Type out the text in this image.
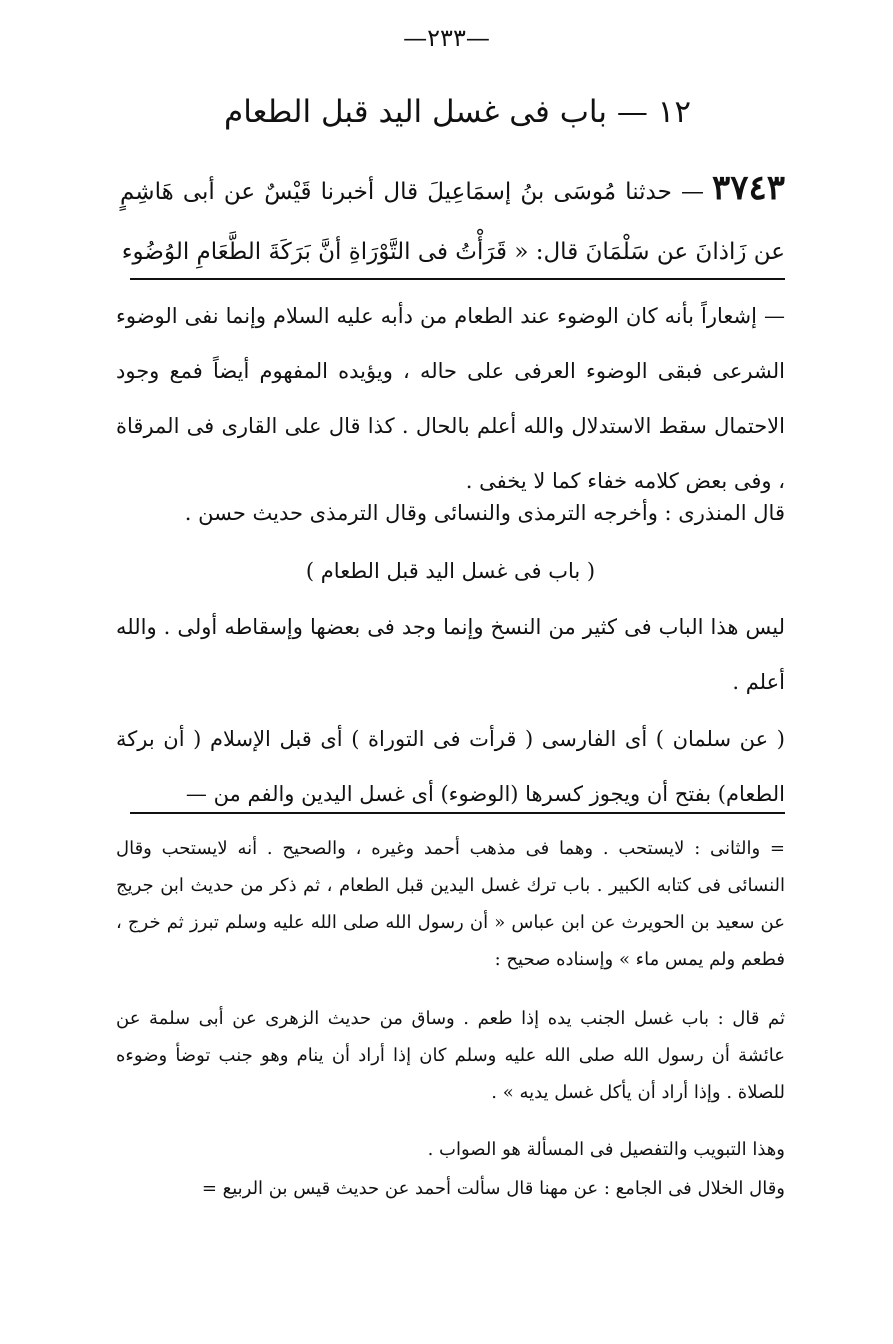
—٢٣٣—
١٢ — باب فى غسل اليد قبل الطعام
٣٧٤٣— حدثنا مُوسَى بنُ إسمَاعِيلَ قال أخبرنا قَيْسٌ عن أبى هَاشِمٍ عن زَاذانَ عن سَلْمَانَ قال: « قَرَأْتُ فى التَّوْرَاةِ أنَّ بَرَكَةَ الطَّعَامِ الوُضُوء

— إشعاراً بأنه كان الوضوء عند الطعام من دأبه عليه السلام وإنما نفى الوضوء الشرعى فبقى الوضوء العرفى على حاله ، ويؤيده المفهوم أيضاً فمع وجود الاحتمال سقط الاستدلال والله أعلم بالحال . كذا قال على القارى فى المرقاة ، وفى بعض كلامه خفاء كما لا يخفى .

قال المنذرى : وأخرجه الترمذى والنسائى وقال الترمذى حديث حسن .

( باب فى غسل اليد قبل الطعام )

ليس هذا الباب فى كثير من النسخ وإنما وجد فى بعضها وإسقاطه أولى . والله أعلم .

( عن سلمان ) أى الفارسى ( قرأت فى التوراة ) أى قبل الإسلام ( أن بركة الطعام) بفتح أن ويجوز كسرها (الوضوء) أى غسل اليدين والفم من —

= والثانى : لايستحب . وهما فى مذهب أحمد وغيره ، والصحيح . أنه لايستحب وقال النسائى فى كتابه الكبير . باب ترك غسل اليدين قبل الطعام ، ثم ذكر من حديث ابن جريج عن سعيد بن الحويرث عن ابن عباس « أن رسول الله صلى الله عليه وسلم تبرز ثم خرج ، فطعم ولم يمس ماء » وإسناده صحيح :

ثم قال : باب غسل الجنب يده إذا طعم . وساق من حديث الزهرى عن أبى سلمة عن عائشة أن رسول الله صلى الله عليه وسلم كان إذا أراد أن ينام وهو جنب توضأ وضوءه للصلاة . وإذا أراد أن يأكل غسل يديه » .

وهذا التبويب والتفصيل فى المسألة هو الصواب .

وقال الخلال فى الجامع : عن مهنا قال سألت أحمد عن حديث قيس بن الربيع =
